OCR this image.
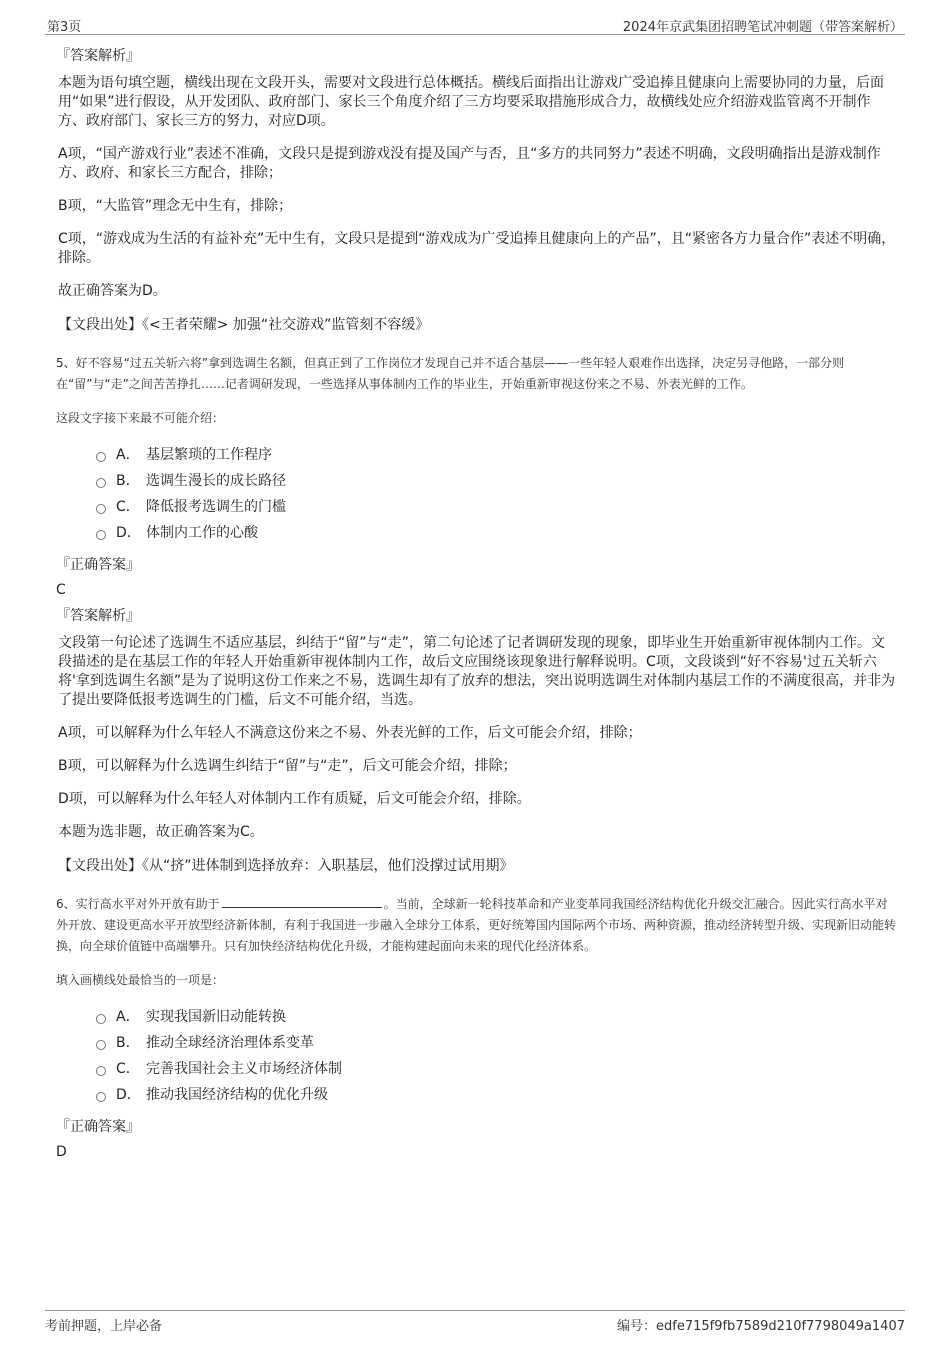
第3页	2024年京武集团招聘笔试冲刺题（带答案解析）
『答案解析』

本题为语句填空题，横线出现在文段开头，需要对文段进行总体概括。横线后面指出让游戏广受追捧且健康向上需要协同的力量，后面用“如果”进行假设，从开发团队、政府部门、家长三个角度介绍了三方均要采取措施形成合力，故横线处应介绍游戏监管离不开制作方、政府部门、家长三方的努力，对应D项。

A项，“国产游戏行业”表述不准确，文段只是提到游戏没有提及国产与否，且“多方的共同努力”表述不明确，文段明确指出是游戏制作方、政府、和家长三方配合，排除；

B项，“大监管”理念无中生有，排除；

C项，“游戏成为生活的有益补充”无中生有，文段只是提到“游戏成为广受追捧且健康向上的产品”，且“紧密各方力量合作”表述不明确，排除。

故正确答案为D。

【文段出处】《<王者荣耀> 加强“社交游戏”监管刻不容缓》

5、好不容易“过五关斩六将”拿到选调生名额，但真正到了工作岗位才发现自己并不适合基层——一些年轻人艰难作出选择，决定另寻他路，一部分则在“留”与“走”之间苦苦挣扎……记者调研发现，一些选择从事体制内工作的毕业生，开始重新审视这份来之不易、外表光鲜的工作。

这段文字接下来最不可能介绍：

A． 基层繁琐的工作程序
B． 选调生漫长的成长路径
C． 降低报考选调生的门槛
D． 体制内工作的心酸
『正确答案』
C
『答案解析』

文段第一句论述了选调生不适应基层，纠结于“留”与“走”，第二句论述了记者调研发现的现象，即毕业生开始重新审视体制内工作。文段描述的是在基层工作的年轻人开始重新审视体制内工作，故后文应围绕该现象进行解释说明。C项，文段谈到“好不容易'过五关斩六将'拿到选调生名额”是为了说明这份工作来之不易，选调生却有了放弃的想法，突出说明选调生对体制内基层工作的不满度很高，并非为了提出要降低报考选调生的门槛，后文不可能介绍，当选。

A项，可以解释为什么年轻人不满意这份来之不易、外表光鲜的工作，后文可能会介绍，排除；

B项，可以解释为什么选调生纠结于“留”与“走”，后文可能会介绍，排除；

D项，可以解释为什么年轻人对体制内工作有质疑，后文可能会介绍，排除。

本题为选非题，故正确答案为C。

【文段出处】《从“挤”进体制到选择放弃：入职基层，他们没撑过试用期》

6、实行高水平对外开放有助于	。当前，全球新一轮科技革命和产业变革同我国经济结构优化升级交汇融合。因此实行高水平对外开放、建设更高水平开放型经济新体制，有利于我国进一步融入全球分工体系，更好统筹国内国际两个市场、两种资源，推动经济转型升级、实现新旧动能转换，向全球价值链中高端攀升。只有加快经济结构优化升级，才能构建起面向未来的现代化经济体系。

填入画横线处最恰当的一项是：

A． 实现我国新旧动能转换
B． 推动全球经济治理体系变革
C． 完善我国社会主义市场经济体制
D． 推动我国经济结构的优化升级
『正确答案』
D
考前押题，上岸必备	编号：edfe715f9fb7589d210f7798049a1407
